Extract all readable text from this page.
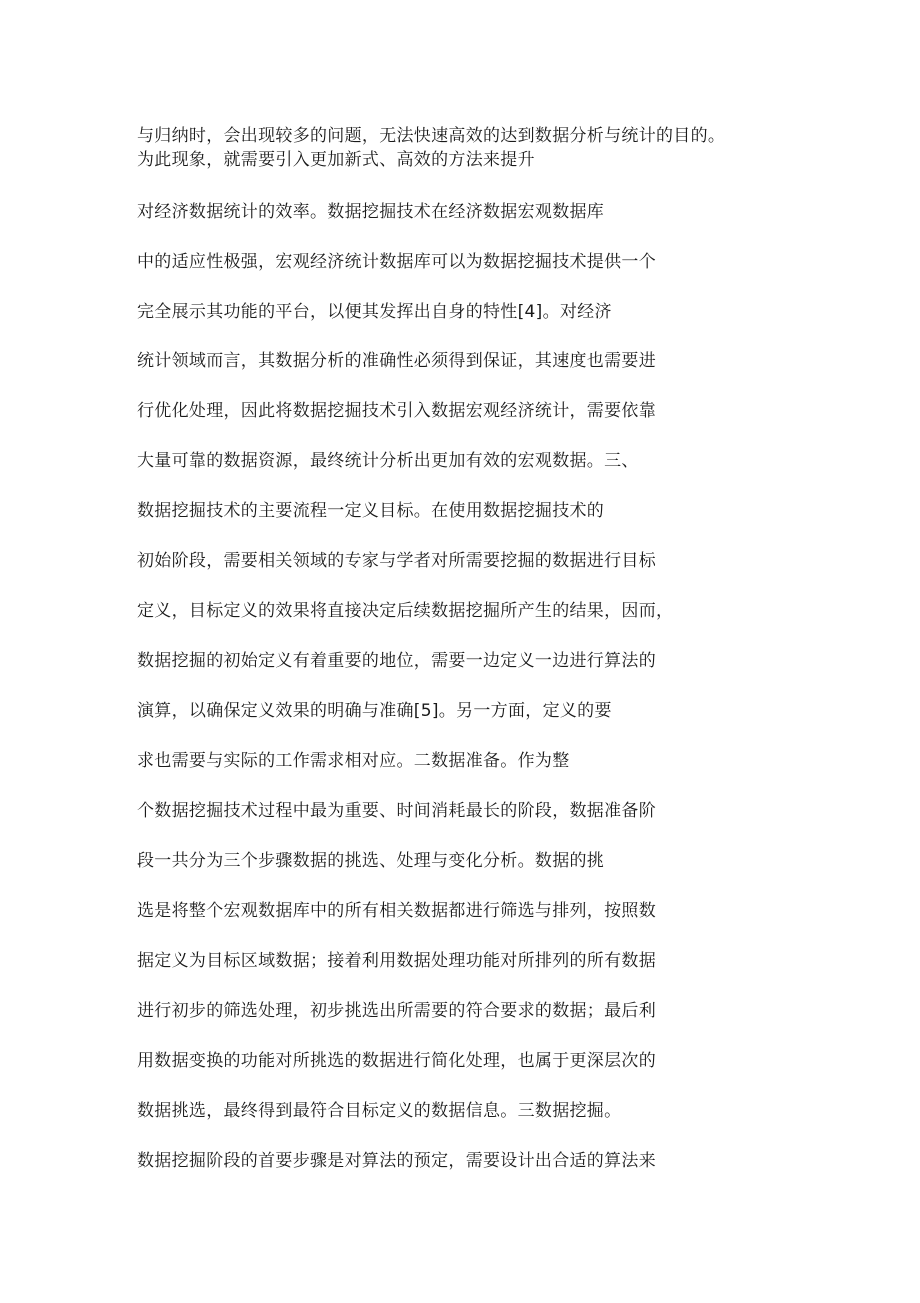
与归纳时，会出现较多的问题，无法快速高效的达到数据分析与统计的目的。

为此现象，就需要引入更加新式、高效的方法来提升

对经济数据统计的效率。数据挖掘技术在经济数据宏观数据库

中的适应性极强，宏观经济统计数据库可以为数据挖掘技术提供一个

完全展示其功能的平台，以便其发挥出自身的特性[4]。对经济

统计领域而言，其数据分析的准确性必须得到保证，其速度也需要进

行优化处理，因此将数据挖掘技术引入数据宏观经济统计，需要依靠

大量可靠的数据资源，最终统计分析出更加有效的宏观数据。三、

数据挖掘技术的主要流程一定义目标。在使用数据挖掘技术的

初始阶段，需要相关领域的专家与学者对所需要挖掘的数据进行目标

定义，目标定义的效果将直接决定后续数据挖掘所产生的结果，因而，

数据挖掘的初始定义有着重要的地位，需要一边定义一边进行算法的

演算，以确保定义效果的明确与准确[5]。另一方面，定义的要

求也需要与实际的工作需求相对应。二数据准备。作为整

个数据挖掘技术过程中最为重要、时间消耗最长的阶段，数据准备阶

段一共分为三个步骤数据的挑选、处理与变化分析。数据的挑

选是将整个宏观数据库中的所有相关数据都进行筛选与排列，按照数

据定义为目标区域数据；接着利用数据处理功能对所排列的所有数据

进行初步的筛选处理，初步挑选出所需要的符合要求的数据；最后利

用数据变换的功能对所挑选的数据进行简化处理，也属于更深层次的

数据挑选，最终得到最符合目标定义的数据信息。三数据挖掘。

数据挖掘阶段的首要步骤是对算法的预定，需要设计出合适的算法来
